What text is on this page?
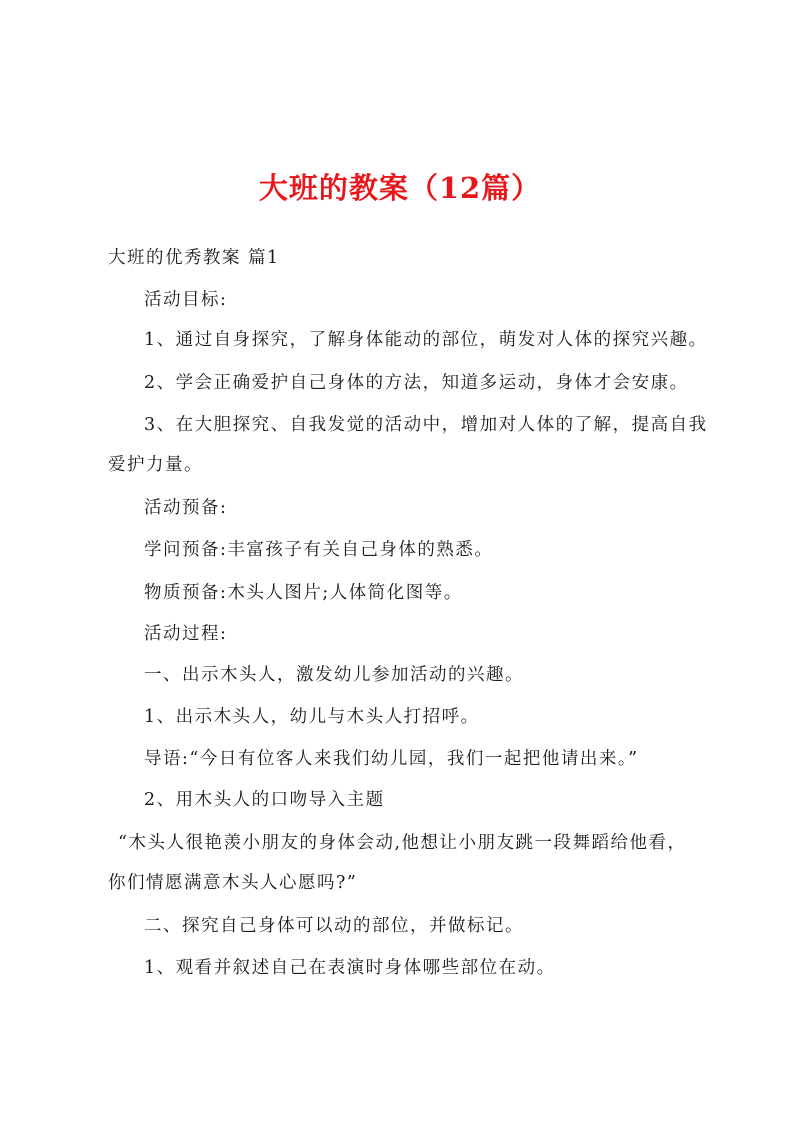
大班的教案（12篇）
大班的优秀教案 篇1
活动目标:
1、通过自身探究，了解身体能动的部位，萌发对人体的探究兴趣。
2、学会正确爱护自己身体的方法，知道多运动，身体才会安康。
3、在大胆探究、自我发觉的活动中，增加对人体的了解，提高自我
爱护力量。
活动预备:
学问预备:丰富孩子有关自己身体的熟悉。
物质预备:木头人图片;人体简化图等。
活动过程:
一、出示木头人，激发幼儿参加活动的兴趣。
1、出示木头人，幼儿与木头人打招呼。
导语:“今日有位客人来我们幼儿园，我们一起把他请出来。”
2、用木头人的口吻导入主题
“木头人很艳羡小朋友的身体会动,他想让小朋友跳一段舞蹈给他看，
你们情愿满意木头人心愿吗?”
二、探究自己身体可以动的部位，并做标记。
1、观看并叙述自己在表演时身体哪些部位在动。
